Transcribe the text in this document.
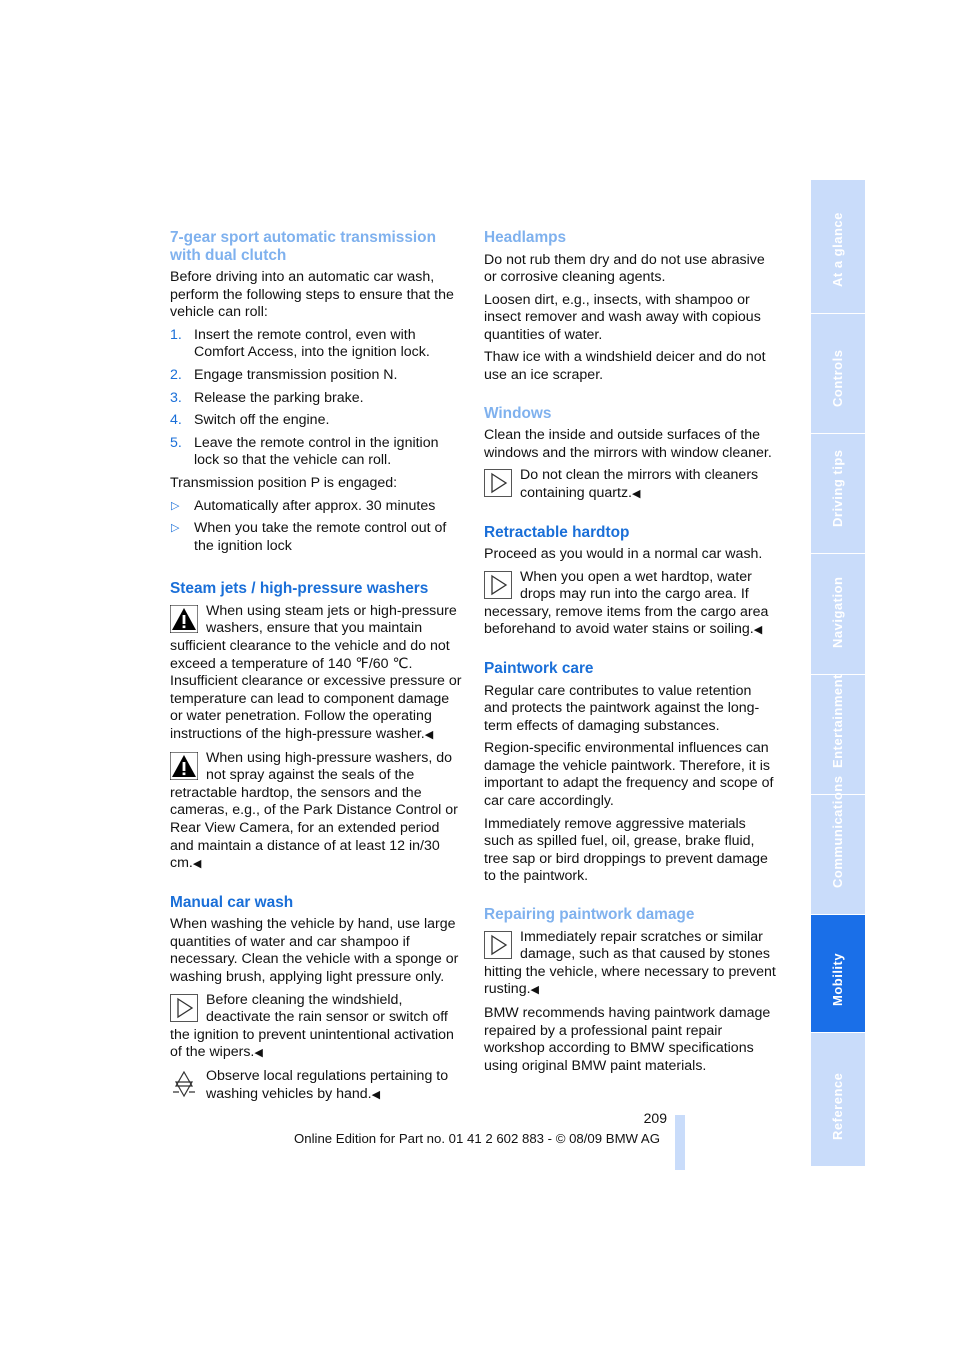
7-gear sport automatic transmission with dual clutch

Before driving into an automatic car wash, perform the following steps to ensure that the vehicle can roll:

1. Insert the remote control, even with Comfort Access, into the ignition lock.
2. Engage transmission position N.
3. Release the parking brake.
4. Switch off the engine.
5. Leave the remote control in the ignition lock so that the vehicle can roll.

Transmission position P is engaged:

▷ Automatically after approx. 30 minutes
▷ When you take the remote control out of the ignition lock
Steam jets / high-pressure washers
When using steam jets or high-pressure washers, ensure that you maintain sufficient clearance to the vehicle and do not exceed a temperature of 140 ℉/60 ℃. Insufficient clearance or excessive pressure or temperature can lead to component damage or water penetration. Follow the operating instructions of the high-pressure washer.◀
When using high-pressure washers, do not spray against the seals of the retractable hardtop, the sensors and the cameras, e.g., of the Park Distance Control or Rear View Camera, for an extended period and maintain a distance of at least 12 in/30 cm.◀
Manual car wash

When washing the vehicle by hand, use large quantities of water and car shampoo if necessary. Clean the vehicle with a sponge or washing brush, applying light pressure only.

Before cleaning the windshield, deactivate the rain sensor or switch off the ignition to prevent unintentional activation of the wipers.◀
Observe local regulations pertaining to washing vehicles by hand.◀
Headlamps

Do not rub them dry and do not use abrasive or corrosive cleaning agents.

Loosen dirt, e.g., insects, with shampoo or insect remover and wash away with copious quantities of water.

Thaw ice with a windshield deicer and do not use an ice scraper.

Windows

Clean the inside and outside surfaces of the windows and the mirrors with window cleaner.

Do not clean the mirrors with cleaners containing quartz.◀
Retractable hardtop

Proceed as you would in a normal car wash.

When you open a wet hardtop, water drops may run into the cargo area. If necessary, remove items from the cargo area beforehand to avoid water stains or soiling.◀
Paintwork care

Regular care contributes to value retention and protects the paintwork against the long-term effects of damaging substances.

Region-specific environmental influences can damage the vehicle paintwork. Therefore, it is important to adapt the frequency and scope of car care accordingly.

Immediately remove aggressive materials such as spilled fuel, oil, grease, brake fluid, tree sap or bird droppings to prevent damage to the paintwork.

Repairing paintwork damage
Immediately repair scratches or similar damage, such as that caused by stones hitting the vehicle, where necessary to prevent rusting.◀

BMW recommends having paintwork damage repaired by a professional paint repair workshop according to BMW specifications using original BMW paint materials.

At a glance
Controls
Driving tips
Navigation
Entertainment
Communications
Mobility
Reference
209
Online Edition for Part no. 01 41 2 602 883 - © 08/09 BMW AG
